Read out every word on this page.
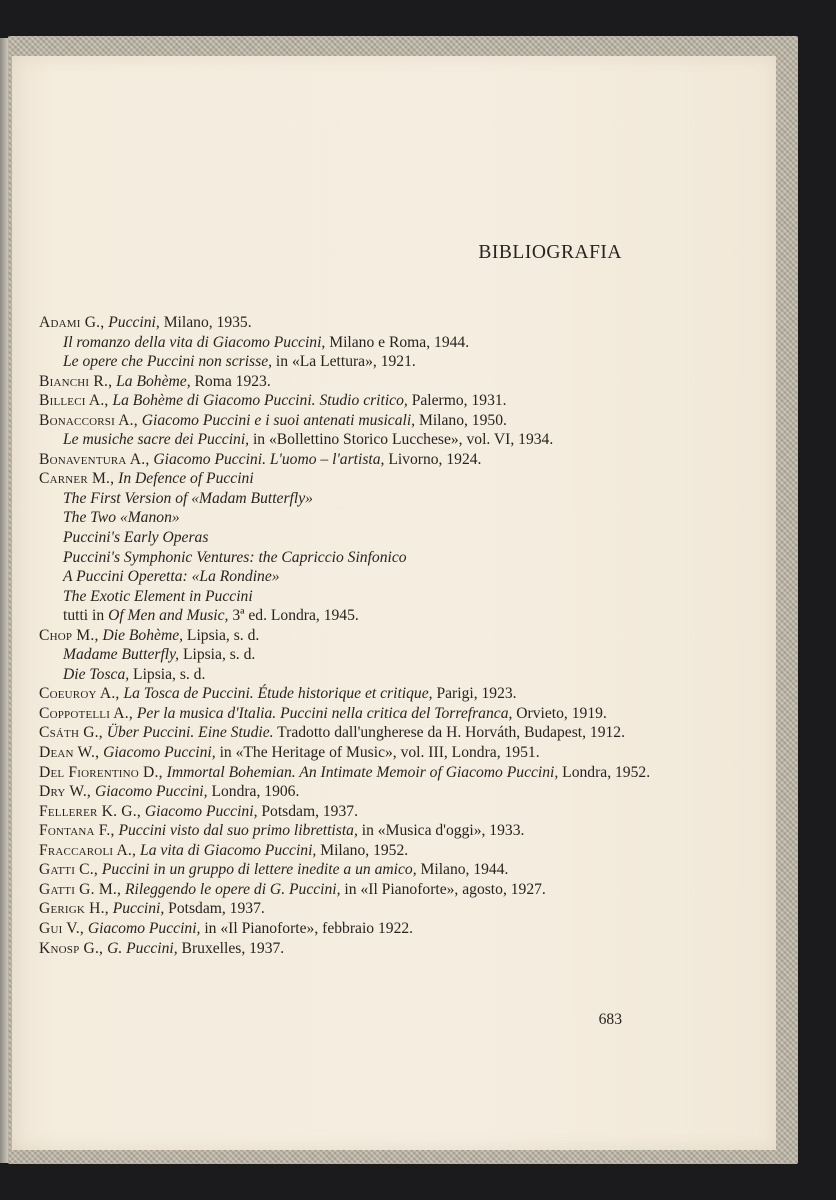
BIBLIOGRAFIA
Adami G., Puccini, Milano, 1935.
Il romanzo della vita di Giacomo Puccini, Milano e Roma, 1944.
Le opere che Puccini non scrisse, in «La Lettura», 1921.
Bianchi R., La Bohème, Roma 1923.
Billeci A., La Bohème di Giacomo Puccini. Studio critico, Palermo, 1931.
Bonaccorsi A., Giacomo Puccini e i suoi antenati musicali, Milano, 1950.
Le musiche sacre dei Puccini, in «Bollettino Storico Lucchese», vol. VI, 1934.
Bonaventura A., Giacomo Puccini. L'uomo – l'artista, Livorno, 1924.
Carner M., In Defence of Puccini
The First Version of «Madam Butterfly»
The Two «Manon»
Puccini's Early Operas
Puccini's Symphonic Ventures: the Capriccio Sinfonico
A Puccini Operetta: «La Rondine»
The Exotic Element in Puccini
tutti in Of Men and Music, 3ª ed. Londra, 1945.
Chop M., Die Bohème, Lipsia, s. d.
Madame Butterfly, Lipsia, s. d.
Die Tosca, Lipsia, s. d.
Coeuroy A., La Tosca de Puccini. Étude historique et critique, Parigi, 1923.
Coppotelli A., Per la musica d'Italia. Puccini nella critica del Torrefranca, Orvieto, 1919.
Csáth G., Über Puccini. Eine Studie. Tradotto dall'ungherese da H. Horváth, Budapest, 1912.
Dean W., Giacomo Puccini, in «The Heritage of Music», vol. III, Londra, 1951.
Del Fiorentino D., Immortal Bohemian. An Intimate Memoir of Giacomo Puccini, Londra, 1952.
Dry W., Giacomo Puccini, Londra, 1906.
Fellerer K. G., Giacomo Puccini, Potsdam, 1937.
Fontana F., Puccini visto dal suo primo librettista, in «Musica d'oggi», 1933.
Fraccaroli A., La vita di Giacomo Puccini, Milano, 1952.
Gatti C., Puccini in un gruppo di lettere inedite a un amico, Milano, 1944.
Gatti G. M., Rileggendo le opere di G. Puccini, in «Il Pianoforte», agosto, 1927.
Gerigk H., Puccini, Potsdam, 1937.
Gui V., Giacomo Puccini, in «Il Pianoforte», febbraio 1922.
Knosp G., G. Puccini, Bruxelles, 1937.
683
